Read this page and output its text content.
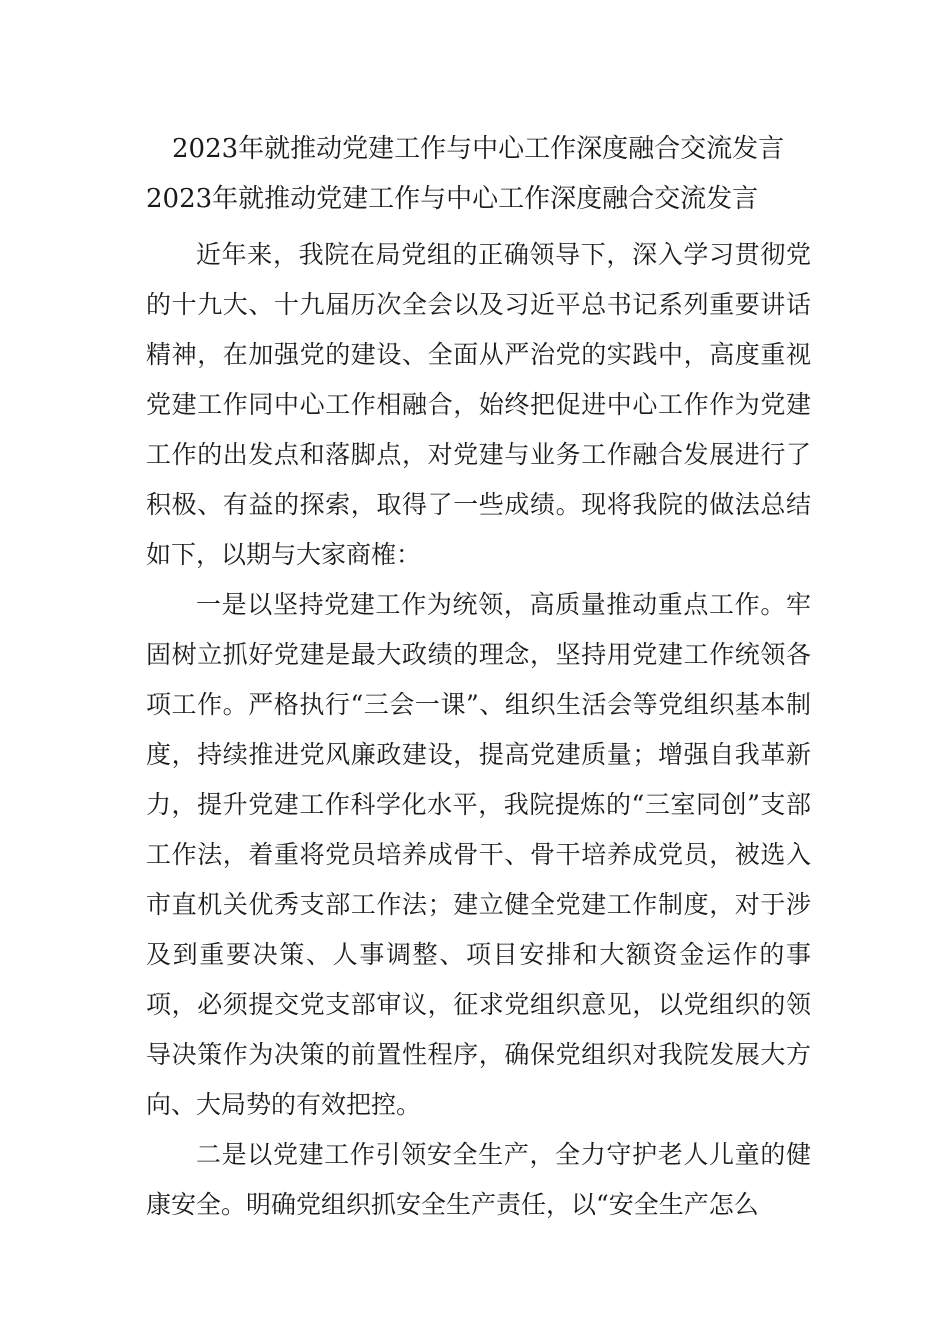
2023年就推动党建工作与中心工作深度融合交流发言
2023年就推动党建工作与中心工作深度融合交流发言

近年来，我院在局党组的正确领导下，深入学习贯彻党的十九大、十九届历次全会以及习近平总书记系列重要讲话精神，在加强党的建设、全面从严治党的实践中，高度重视党建工作同中心工作相融合，始终把促进中心工作作为党建工作的出发点和落脚点，对党建与业务工作融合发展进行了积极、有益的探索，取得了一些成绩。现将我院的做法总结如下，以期与大家商榷：

一是以坚持党建工作为统领，高质量推动重点工作。牢固树立抓好党建是最大政绩的理念，坚持用党建工作统领各项工作。严格执行“三会一课”、组织生活会等党组织基本制度，持续推进党风廉政建设，提高党建质量；增强自我革新力，提升党建工作科学化水平，我院提炼的“三室同创”支部工作法，着重将党员培养成骨干、骨干培养成党员，被选入市直机关优秀支部工作法；建立健全党建工作制度，对于涉及到重要决策、人事调整、项目安排和大额资金运作的事项，必须提交党支部审议，征求党组织意见，以党组织的领导决策作为决策的前置性程序，确保党组织对我院发展大方向、大局势的有效把控。

二是以党建工作引领安全生产，全力守护老人儿童的健康安全。明确党组织抓安全生产责任，以“安全生产怎么
